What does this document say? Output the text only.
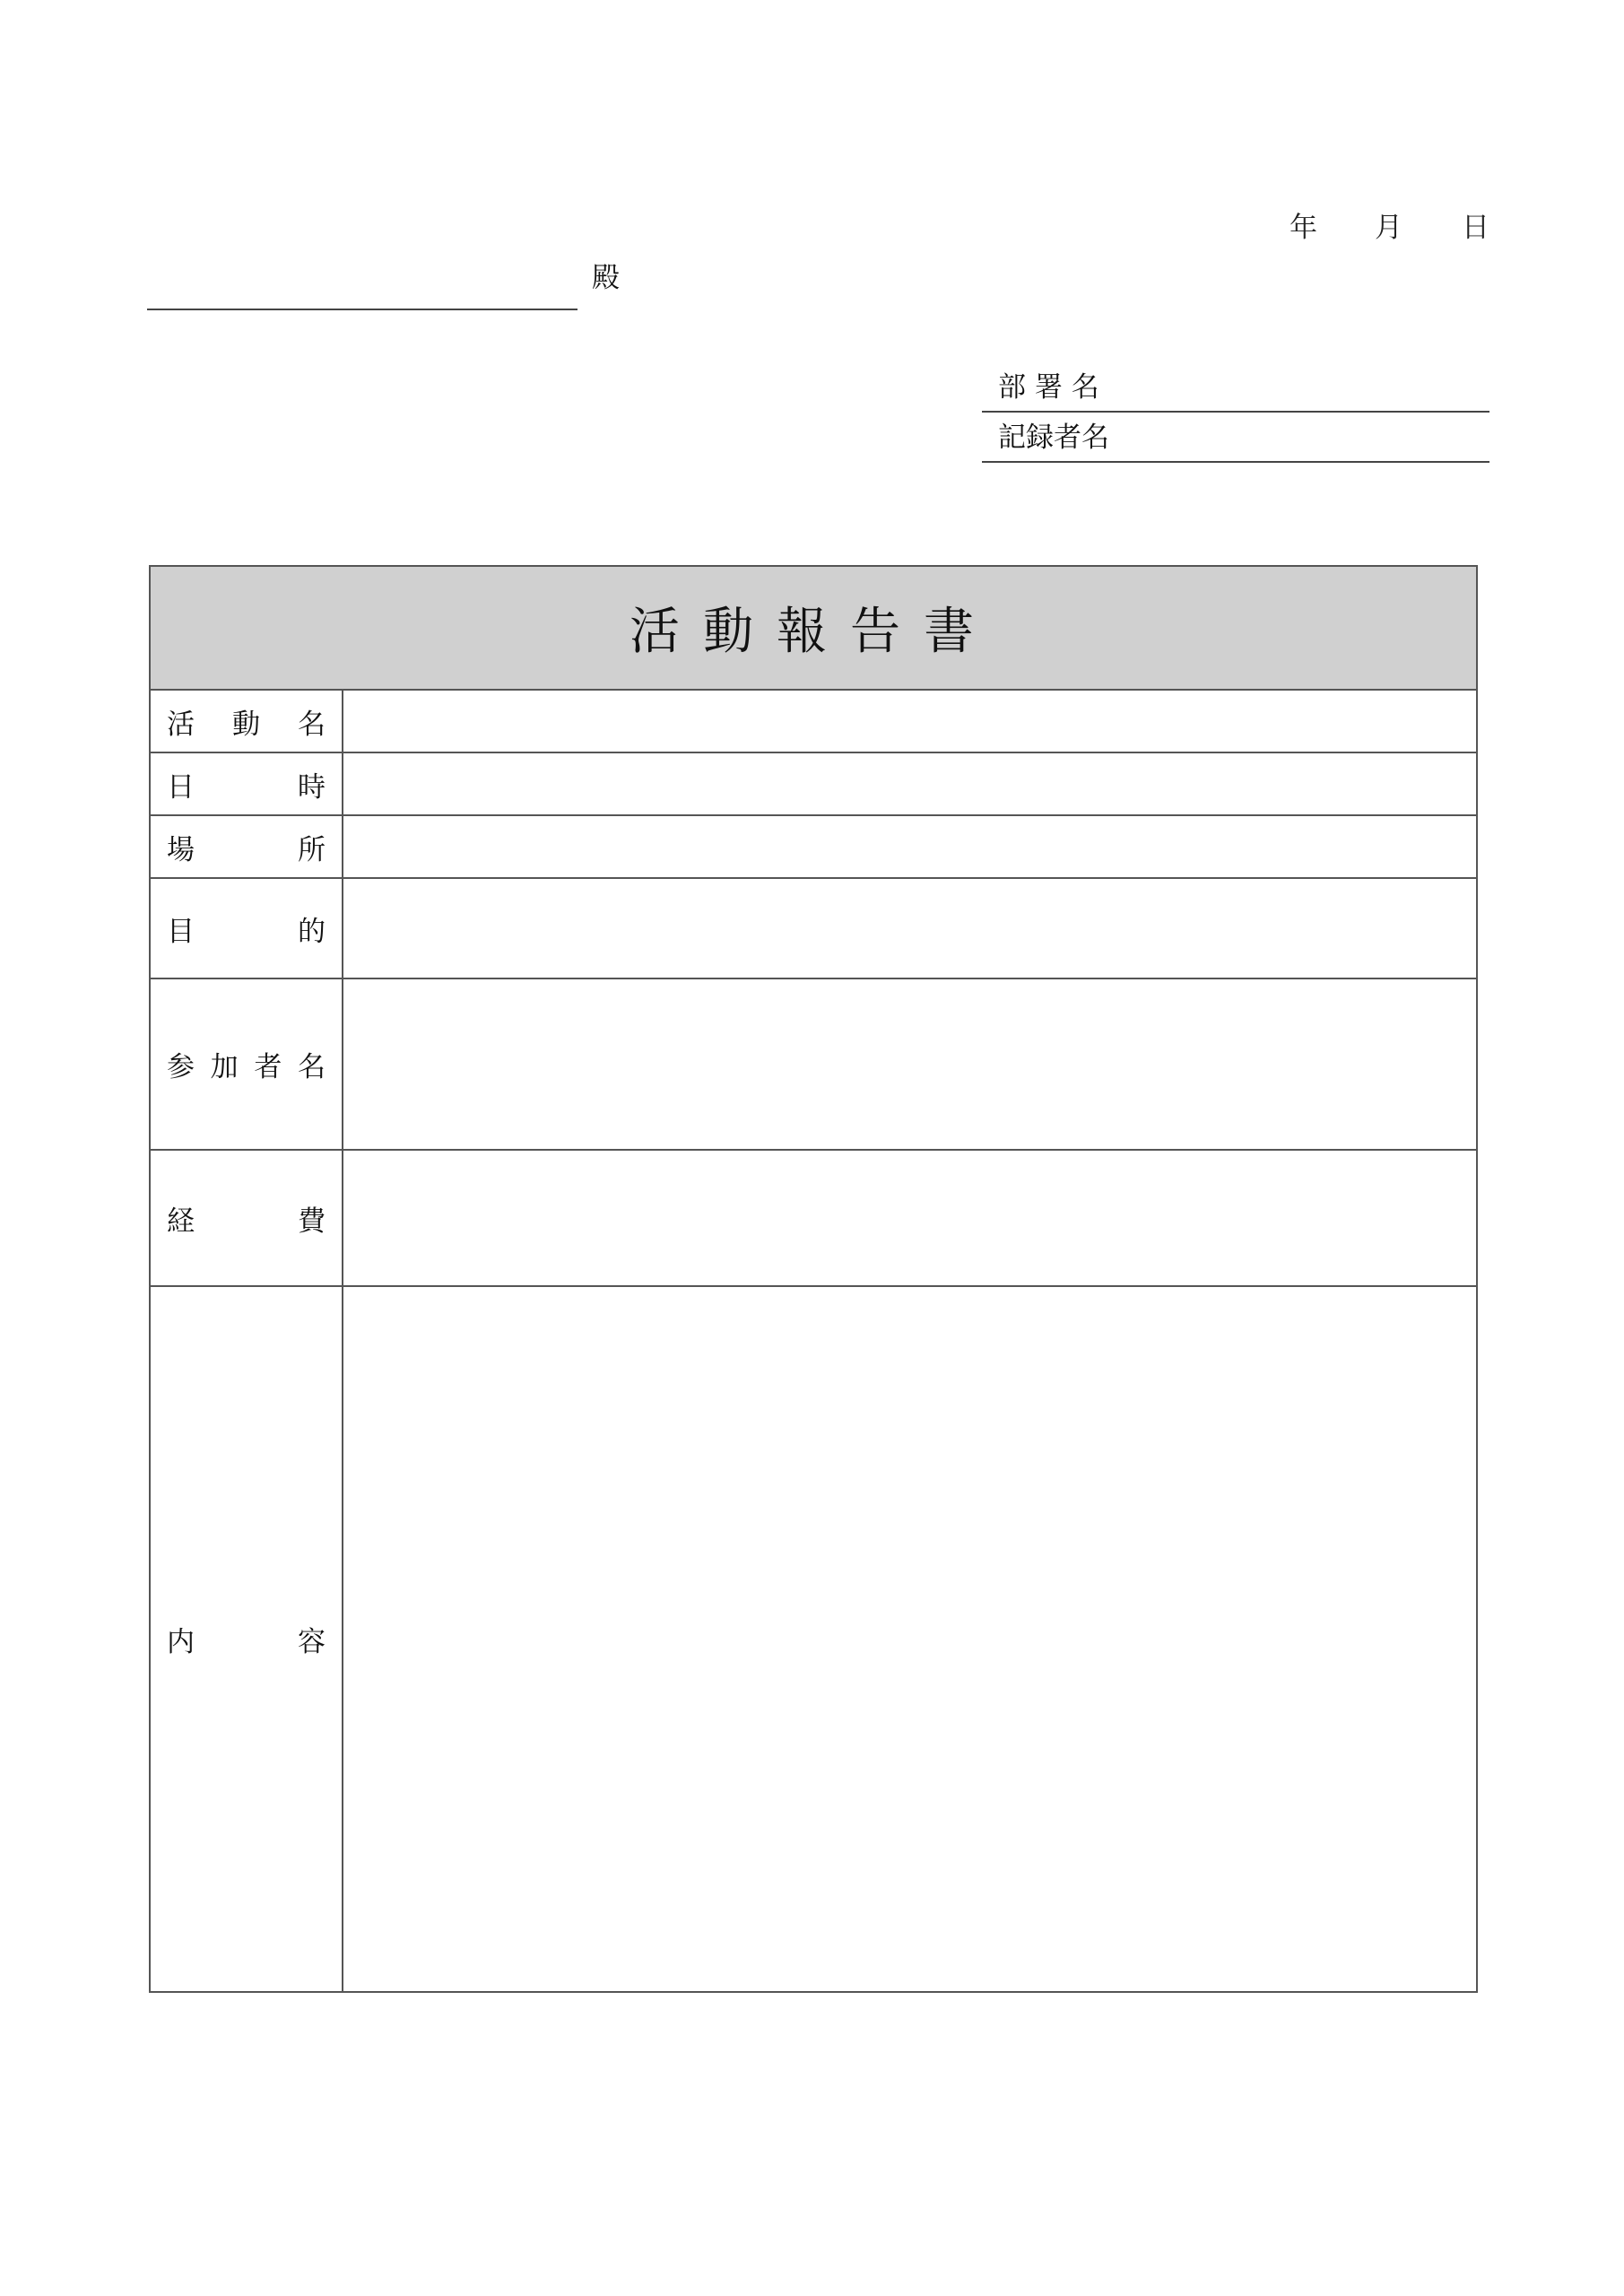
年 月 日
殿
部 署 名
記録者名
活動報告書	

活 動 名	

日 時	

場 所	

目 的	

参 加 者 名	

経 費	

内 容	
